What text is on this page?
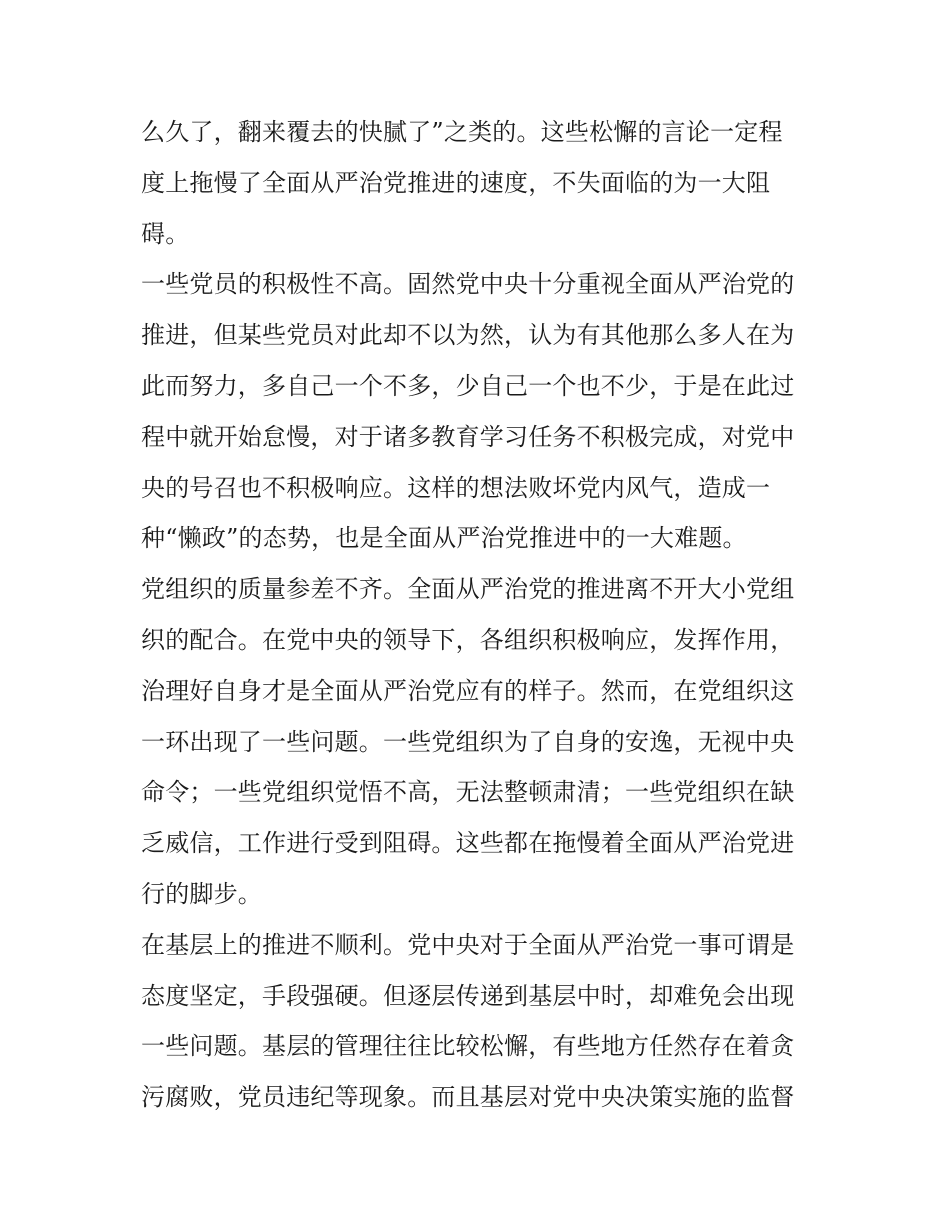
么久了，翻来覆去的快腻了”之类的。这些松懈的言论一定程
度上拖慢了全面从严治党推进的速度，不失面临的为一大阻
碍。
一些党员的积极性不高。固然党中央十分重视全面从严治党的
推进，但某些党员对此却不以为然，认为有其他那么多人在为
此而努力，多自己一个不多，少自己一个也不少，于是在此过
程中就开始怠慢，对于诸多教育学习任务不积极完成，对党中
央的号召也不积极响应。这样的想法败坏党内风气，造成一
种“懒政”的态势，也是全面从严治党推进中的一大难题。
党组织的质量参差不齐。全面从严治党的推进离不开大小党组
织的配合。在党中央的领导下，各组织积极响应，发挥作用，
治理好自身才是全面从严治党应有的样子。然而，在党组织这
一环出现了一些问题。一些党组织为了自身的安逸，无视中央
命令；一些党组织觉悟不高，无法整顿肃清；一些党组织在缺
乏威信，工作进行受到阻碍。这些都在拖慢着全面从严治党进
行的脚步。
在基层上的推进不顺利。党中央对于全面从严治党一事可谓是
态度坚定，手段强硬。但逐层传递到基层中时，却难免会出现
一些问题。基层的管理往往比较松懈，有些地方任然存在着贪
污腐败，党员违纪等现象。而且基层对党中央决策实施的监督
